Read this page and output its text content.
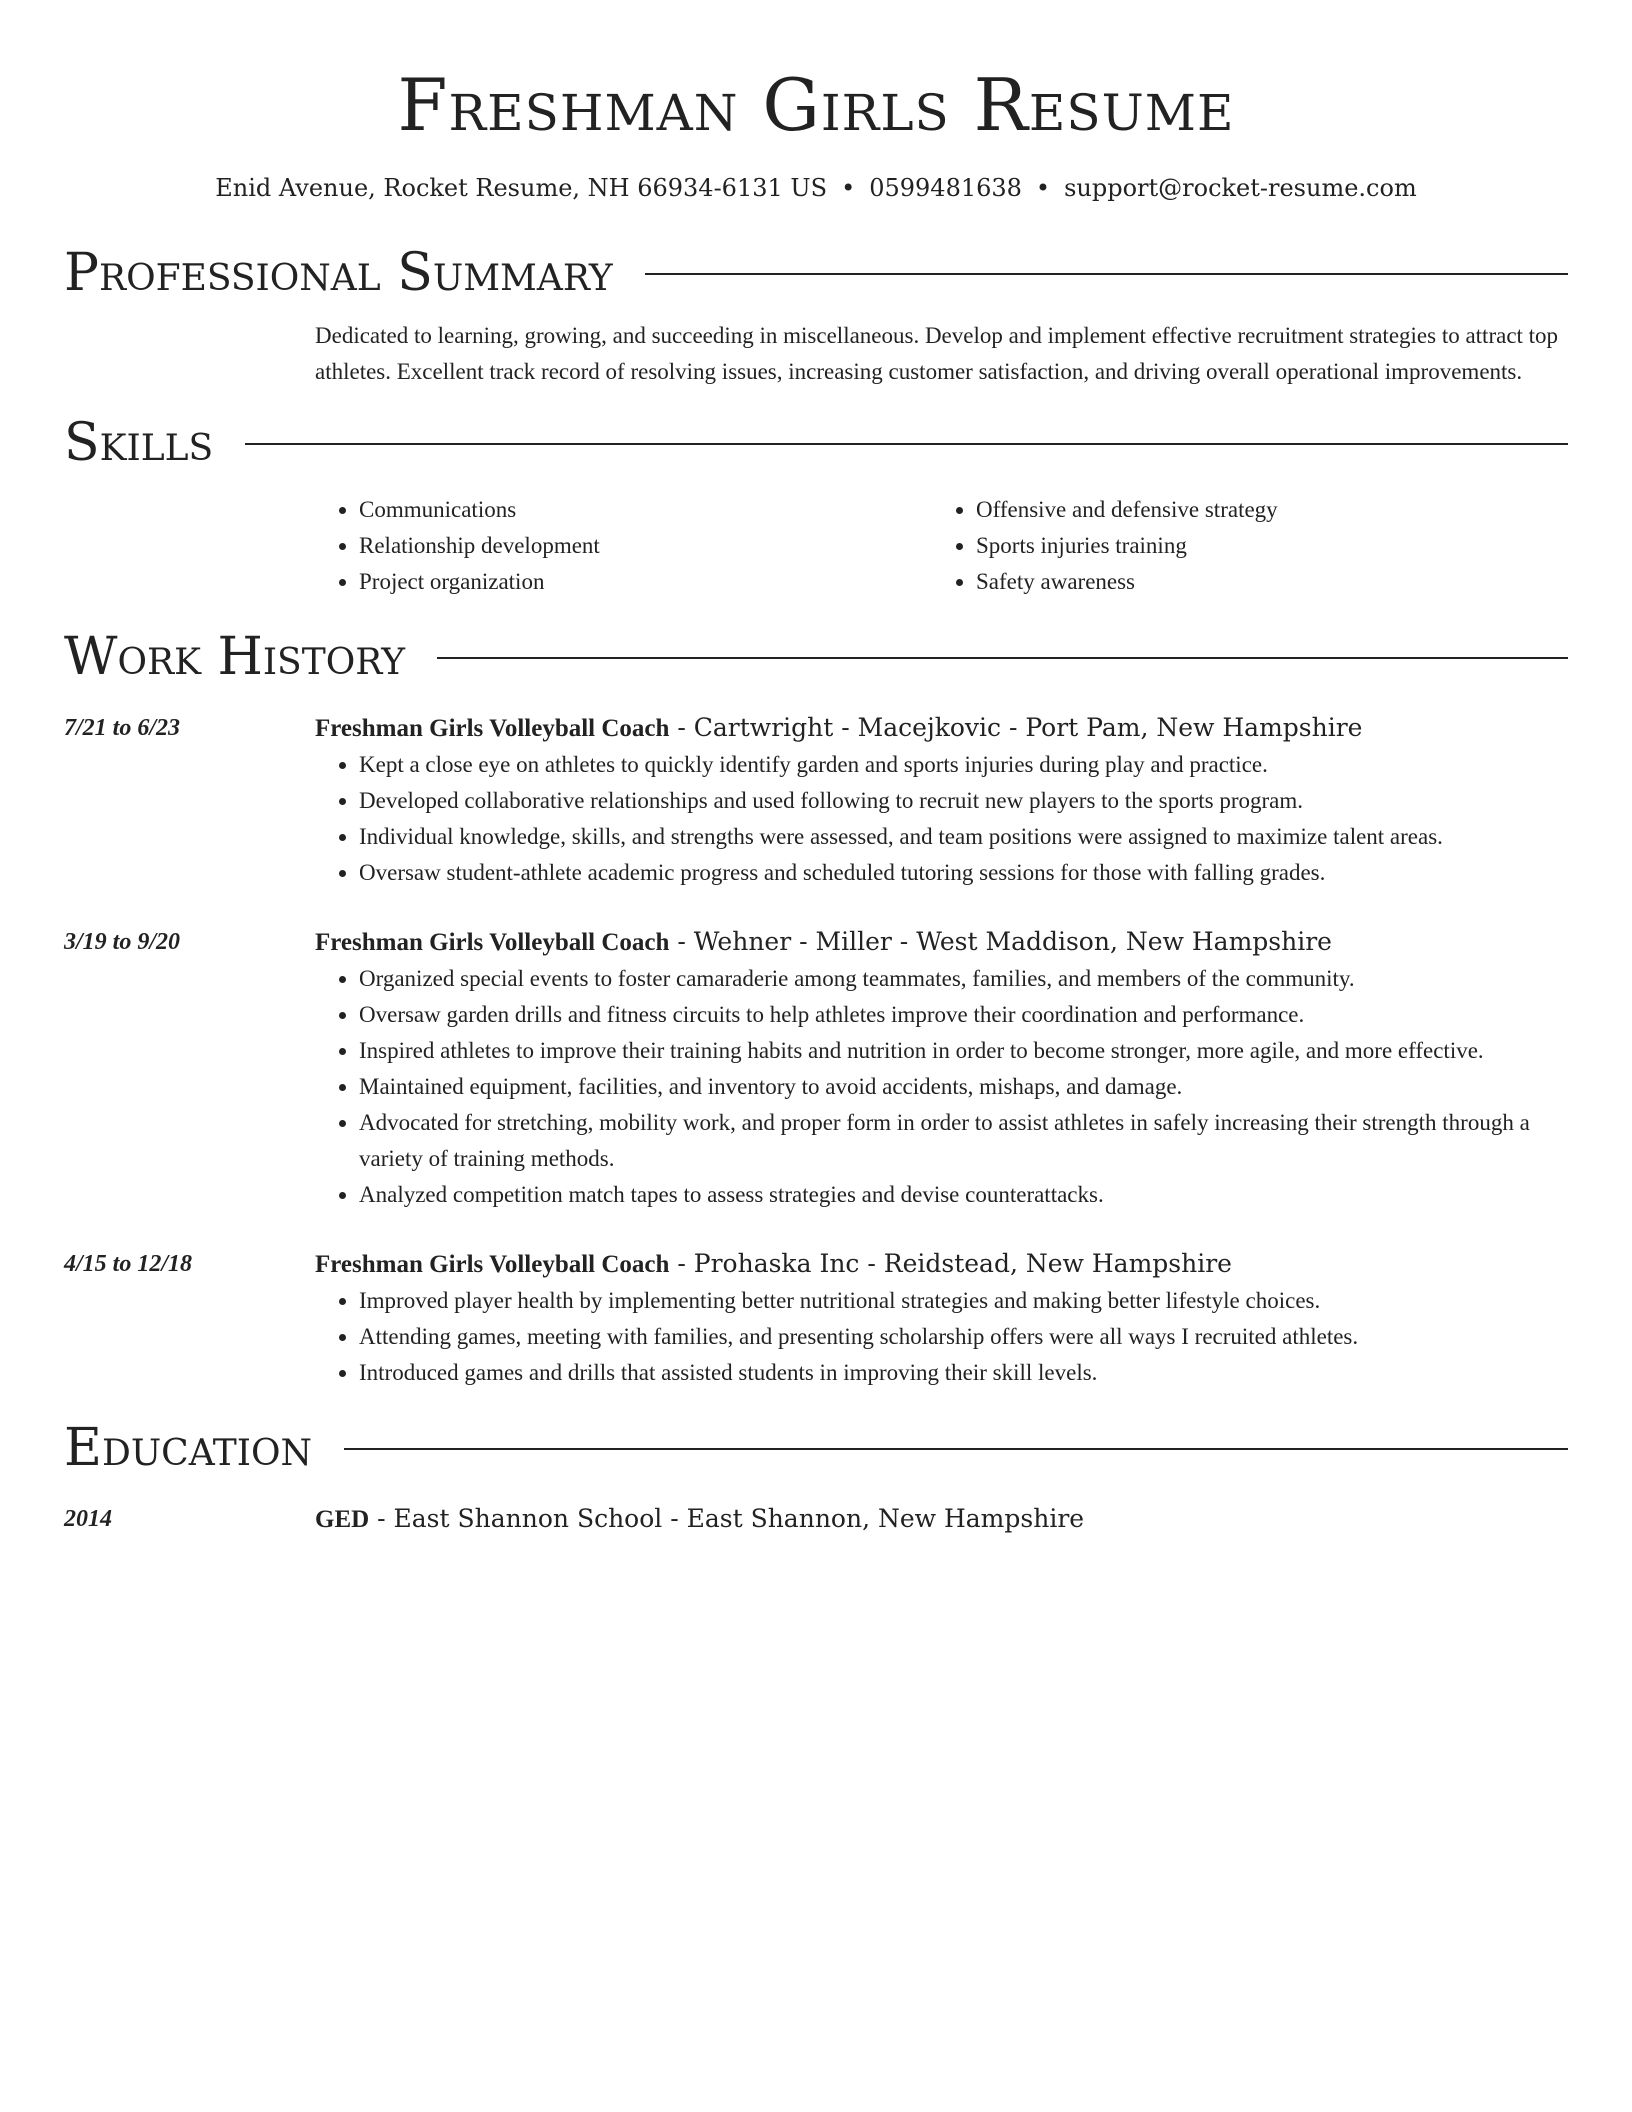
Freshman Girls Resume
Enid Avenue, Rocket Resume, NH 66934-6131 US • 0599481638 • support@rocket-resume.com
Professional Summary
Dedicated to learning, growing, and succeeding in miscellaneous. Develop and implement effective recruitment strategies to attract top athletes. Excellent track record of resolving issues, increasing customer satisfaction, and driving overall operational improvements.
Skills
• Communications
• Relationship development
• Project organization
• Offensive and defensive strategy
• Sports injuries training
• Safety awareness
Work History
7/21 to 6/23	Freshman Girls Volleyball Coach - Cartwright - Macejkovic - Port Pam, New Hampshire
• Kept a close eye on athletes to quickly identify garden and sports injuries during play and practice.
• Developed collaborative relationships and used following to recruit new players to the sports program.
• Individual knowledge, skills, and strengths were assessed, and team positions were assigned to maximize talent areas.
• Oversaw student-athlete academic progress and scheduled tutoring sessions for those with falling grades.
3/19 to 9/20	Freshman Girls Volleyball Coach - Wehner - Miller - West Maddison, New Hampshire
• Organized special events to foster camaraderie among teammates, families, and members of the community.
• Oversaw garden drills and fitness circuits to help athletes improve their coordination and performance.
• Inspired athletes to improve their training habits and nutrition in order to become stronger, more agile, and more effective.
• Maintained equipment, facilities, and inventory to avoid accidents, mishaps, and damage.
• Advocated for stretching, mobility work, and proper form in order to assist athletes in safely increasing their strength through a variety of training methods.
• Analyzed competition match tapes to assess strategies and devise counterattacks.
4/15 to 12/18	Freshman Girls Volleyball Coach - Prohaska Inc - Reidstead, New Hampshire
• Improved player health by implementing better nutritional strategies and making better lifestyle choices.
• Attending games, meeting with families, and presenting scholarship offers were all ways I recruited athletes.
• Introduced games and drills that assisted students in improving their skill levels.
Education
2014	GED - East Shannon School - East Shannon, New Hampshire
